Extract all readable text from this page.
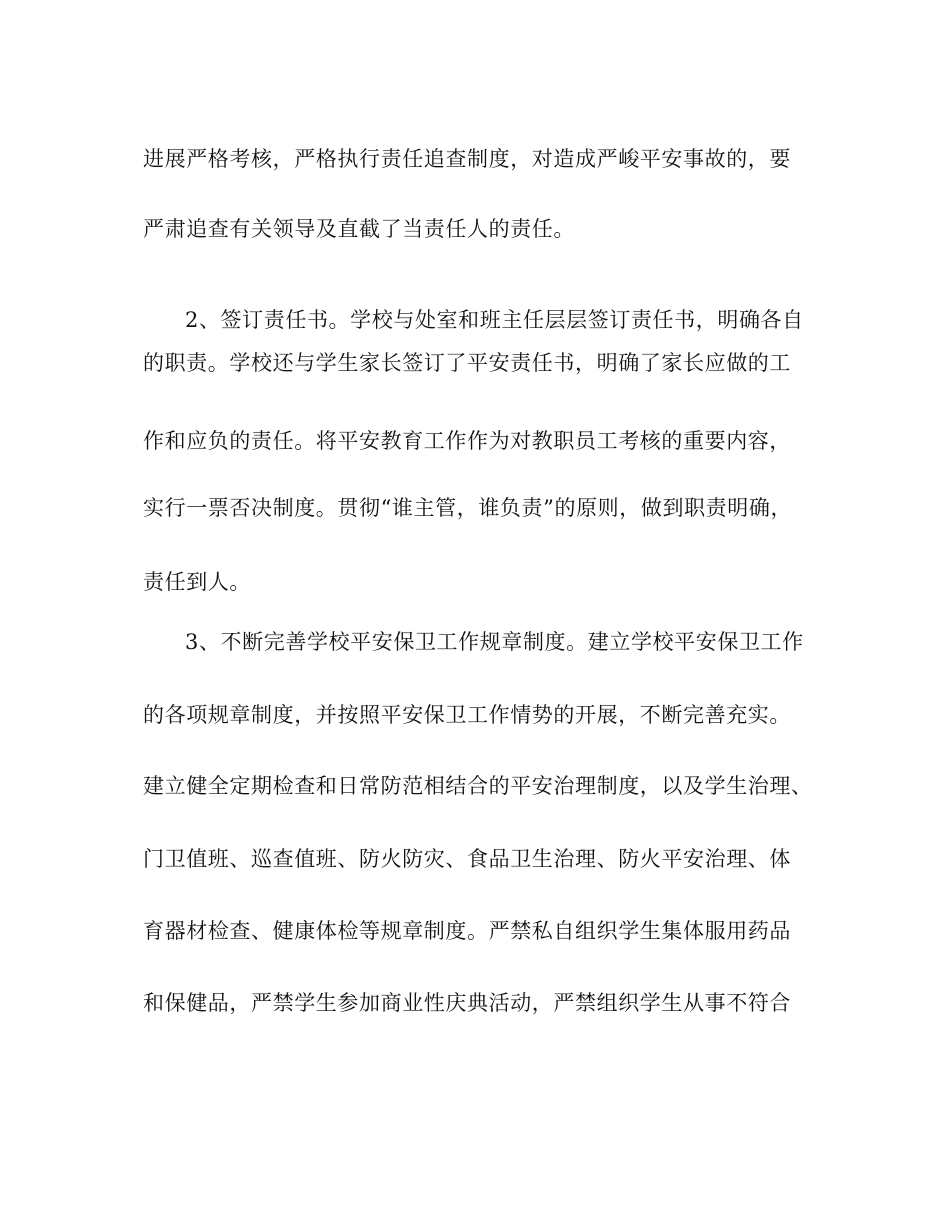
进展严格考核，严格执行责任追查制度，对造成严峻平安事故的，要
严肃追查有关领导及直截了当责任人的责任。
2、签订责任书。学校与处室和班主任层层签订责任书，明确各自
的职责。学校还与学生家长签订了平安责任书，明确了家长应做的工
作和应负的责任。将平安教育工作作为对教职员工考核的重要内容，
实行一票否决制度。贯彻“谁主管，谁负责”的原则，做到职责明确，
责任到人。
3、不断完善学校平安保卫工作规章制度。建立学校平安保卫工作
的各项规章制度，并按照平安保卫工作情势的开展，不断完善充实。
建立健全定期检查和日常防范相结合的平安治理制度，以及学生治理、
门卫值班、巡查值班、防火防灾、食品卫生治理、防火平安治理、体
育器材检查、健康体检等规章制度。严禁私自组织学生集体服用药品
和保健品，严禁学生参加商业性庆典活动，严禁组织学生从事不符合
